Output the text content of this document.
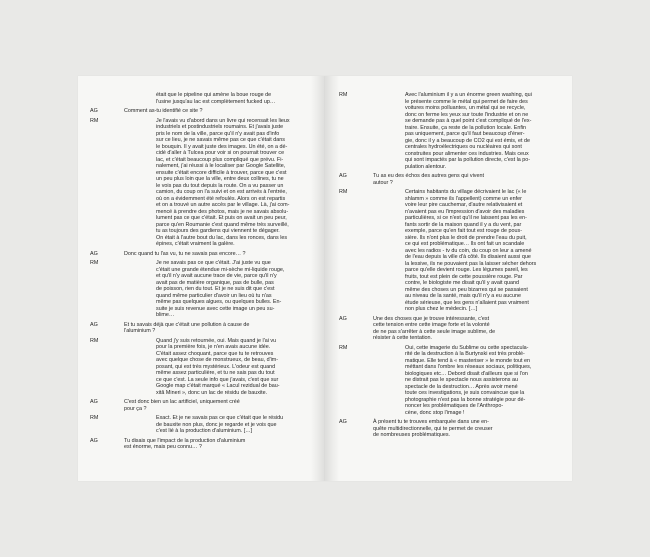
était que le pipeline qui amène la boue rouge de
l'usine jusqu'au lac est complètement fucked up…

AG	Comment as-tu identifié ce site ?

RM	Je l'avais vu d'abord dans un livre qui recensait les lieux
industriels et postindustriels roumains. Et j'avais juste
pris le nom de la ville, parce qu'il n'y avait pas d'info
sur ce lieu, je ne savais même pas ce que c'était dans
le bouquin. Il y avait juste des images. Un été, on a dé-
cidé d'aller à Tulcea pour voir si on pourrait trouver ce
lac, et c'était beaucoup plus compliqué que prévu. Fi-
nalement, j'ai réussi à le localiser par Google Satellite,
ensuite c'était encore difficile à trouver, parce que c'est
un peu plus loin que la ville, entre deux collines, tu ne
le vois pas du tout depuis la route. On a vu passer un
camion, du coup on l'a suivi et on est arrivés à l'entrée,
où on a évidemment été refoulés. Alors on est repartis
et on a trouvé un autre accès par le village. Là, j'ai com-
mencé à prendre des photos, mais je ne savais absolu-
lument pas ce que c'était. Et puis on avait un peu peur,
parce qu'en Roumanie c'est quand même très surveillé,
tu as toujours des gardiens qui viennent te dégager.
On était à l'autre bout du lac, dans les ronces, dans les
épines, c'était vraiment la galère.

AG	Donc quand tu l'as vu, tu ne savais pas encore… ?

RM	Je ne savais pas ce que c'était. J'ai juste vu que
c'était une grande étendue mi-sèche mi-liquide rouge,
et qu'il n'y avait aucune trace de vie, parce qu'il n'y
avait pas de matière organique, pas de bulle, pas
de poisson, rien du tout. Et je ne suis dit que c'est
quand même particulier d'avoir un lieu où tu n'as
même pas quelques algues, ou quelques bulles. En-
suite je suis revenue avec cette image un peu su-
blime…

AG	Et tu savais déjà que c'était une pollution à cause de
l'aluminium ?

RM	Quand j'y suis retournée, oui. Mais quand je l'ai vu
pour la première fois, je n'en avais aucune idée.
C'était assez choquant, parce que tu te retrouves
avec quelque chose de monstrueux, de beau, d'im-
posant, qui est très mystérieux. L'odeur est quand
même assez particulière, et tu ne sais pas du tout
ce que c'est. La seule info que j'avais, c'est que sur
Google map c'était marqué « Lacul rezidual de bau-
xită Mineri », donc un lac de résidu de bauxite.

AG	C'est donc bien un lac artificiel, uniquement créé
pour ça ?

RM	Exact. Et je ne savais pas ce que c'était que le résidu
de bauxite non plus, donc je regarde et je vois que
c'est lié à la production d'aluminium. […]

AG	Tu disais que l'impact de la production d'aluminium
est énorme, mais peu connu… ?

RM	Avec l'aluminium il y a un énorme green washing, qui
le présente comme le métal qui permet de faire des
voitures moins polluantes, un métal qui se recycle,
donc on ferme les yeux sur toute l'industrie et on ne
se demande pas à quel point c'est compliqué de l'ex-
traire. Ensuite, ça reste de la pollution locale. Enfin
pas uniquement, parce qu'il faut beaucoup d'éner-
gie, donc il y a beaucoup de CO2 qui est émis, et de
centrales hydroélectriques ou nucléaires qui sont
construites pour alimenter ces industries. Mais ceux
qui sont impactés par la pollution directe, c'est la po-
pulation alentour.

AG	Tu as eu des échos des autres gens qui vivent
autour ?

RM	Certains habitants du village décrivaient le lac (« le
shlamm » comme ils l'appellent) comme un enfer
voire leur pire cauchemar, d'autre relativisaient et
n'avaient pas eu l'impression d'avoir des maladies
particulières, si ce n'est qu'il ne laissent pas les en-
fants sortir de la maison quand il y a du vent, par
exemple, parce qu'en fait tout est rouge de pous-
sière. Ils n'ont plus le droit de prendre l'eau du puit,
ce qui est problématique… Ils ont fait un scandale
avec les radios - tv du coin, du coup on leur a amené
de l'eau depuis la ville d'à côté. Ils disaient aussi que
la lessive, ils ne pouvaient pas la laisser sécher dehors
parce qu'elle devient rouge. Les légumes pareil, les
fruits, tout est plein de cette poussière rouge. Par
contre, le biologiste me disait qu'il y avait quand
même des choses un peu bizarres qui se passaient
au niveau de la santé, mais qu'il n'y a eu aucune
étude sérieuse, que les gens n'allaient pas vraiment
non plus chez le médecin. […]

AG	Une des choses que je trouve intéressante, c'est
cette tension entre cette image forte et la volonté
de ne pas s'arrêter à cette seule image sublime, de
résister à cette tentation.

RM	Oui, cette imagerie du Sublime ou cette spectacula-
rité de la destruction à la Burtynski est très problé-
matique. Elle tend à « masteriser » le monde tout en
méttant dans l'ombre les réseaux sociaux, politiques,
biologiques etc… Debord disait d'ailleurs que si l'on
ne distrait pas le spectacle nous assisterons au
spectacle de la destruction… Après avoir mené
toute ces investigations, je suis convaincue que la
photographie n'est pas la bonne stratégie pour dé-
noncer les problématiques de l'Anthropo-
cène, donc stop l'image !

AG	À présent tu te trouves embarquée dans une en-
quête multidirectionnelle, qui te permet de creuser
de nombreuses problématiques.
